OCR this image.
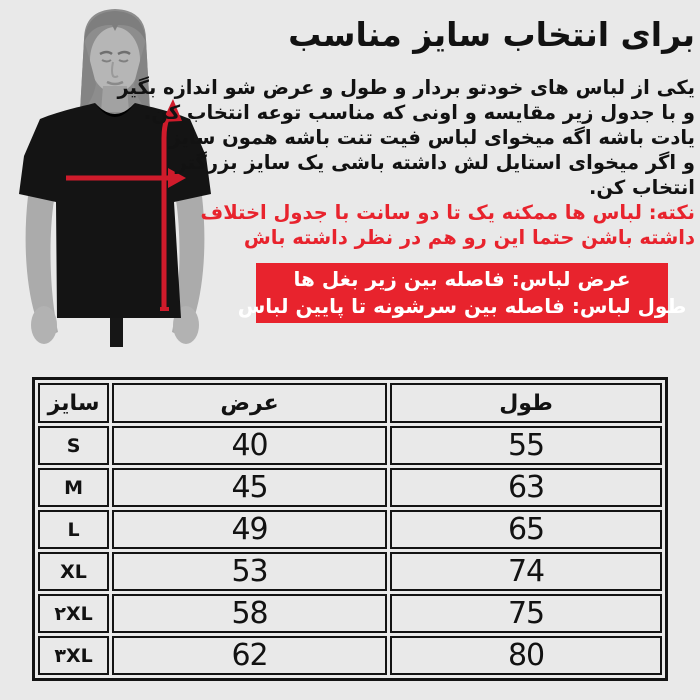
برای انتخاب سایز مناسب
یکی از لباس های خودتو بردار و طول و عرض شو اندازه بگیر
و با جدول زیر مقایسه و اونی که مناسب توعه انتخاب کن.
یادت باشه اگه میخوای لباس فیت تنت باشه همون سایز
و اگر میخوای استایل لش داشته باشی یک سایز بزرگتر
انتخاب کن.
نکته: لباس ها ممکنه یک تا دو سانت با جدول اختلاف
داشته باشن حتما این رو هم در نظر داشته باش
عرض لباس: فاصله بین زیر بغل ها
طول لباس: فاصله بین سرشونه تا پایین لباس
سایز	عرض	طول
S	40	55
M	45	63
L	49	65
XL	53	74
۲XL	58	75
۳XL	62	80
